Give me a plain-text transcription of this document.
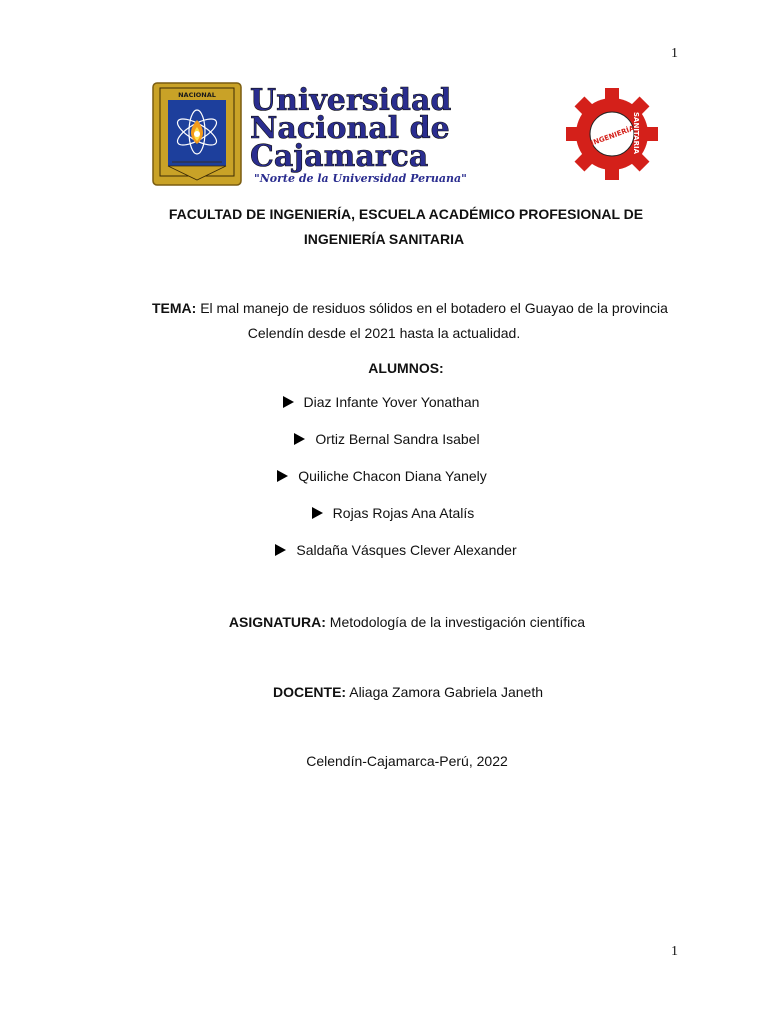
1
NACIONAL Universidad
Nacional de
Cajamarca
"Norte de la Universidad Peruana"
INGENIERÍA
SANITARIA
FACULTAD DE INGENIERÍA, ESCUELA ACADÉMICO PROFESIONAL DE
INGENIERÍA SANITARIA
TEMA: El mal manejo de residuos sólidos en el botadero el Guayao de la provincia
Celendín desde el 2021 hasta la actualidad.
ALUMNOS:
Diaz Infante Yover Yonathan
Ortiz Bernal Sandra Isabel
Quiliche Chacon Diana Yanely
Rojas Rojas Ana Atalís
Saldaña Vásques Clever Alexander
ASIGNATURA: Metodología de la investigación científica
DOCENTE: Aliaga Zamora Gabriela Janeth
Celendín-Cajamarca-Perú, 2022
1
